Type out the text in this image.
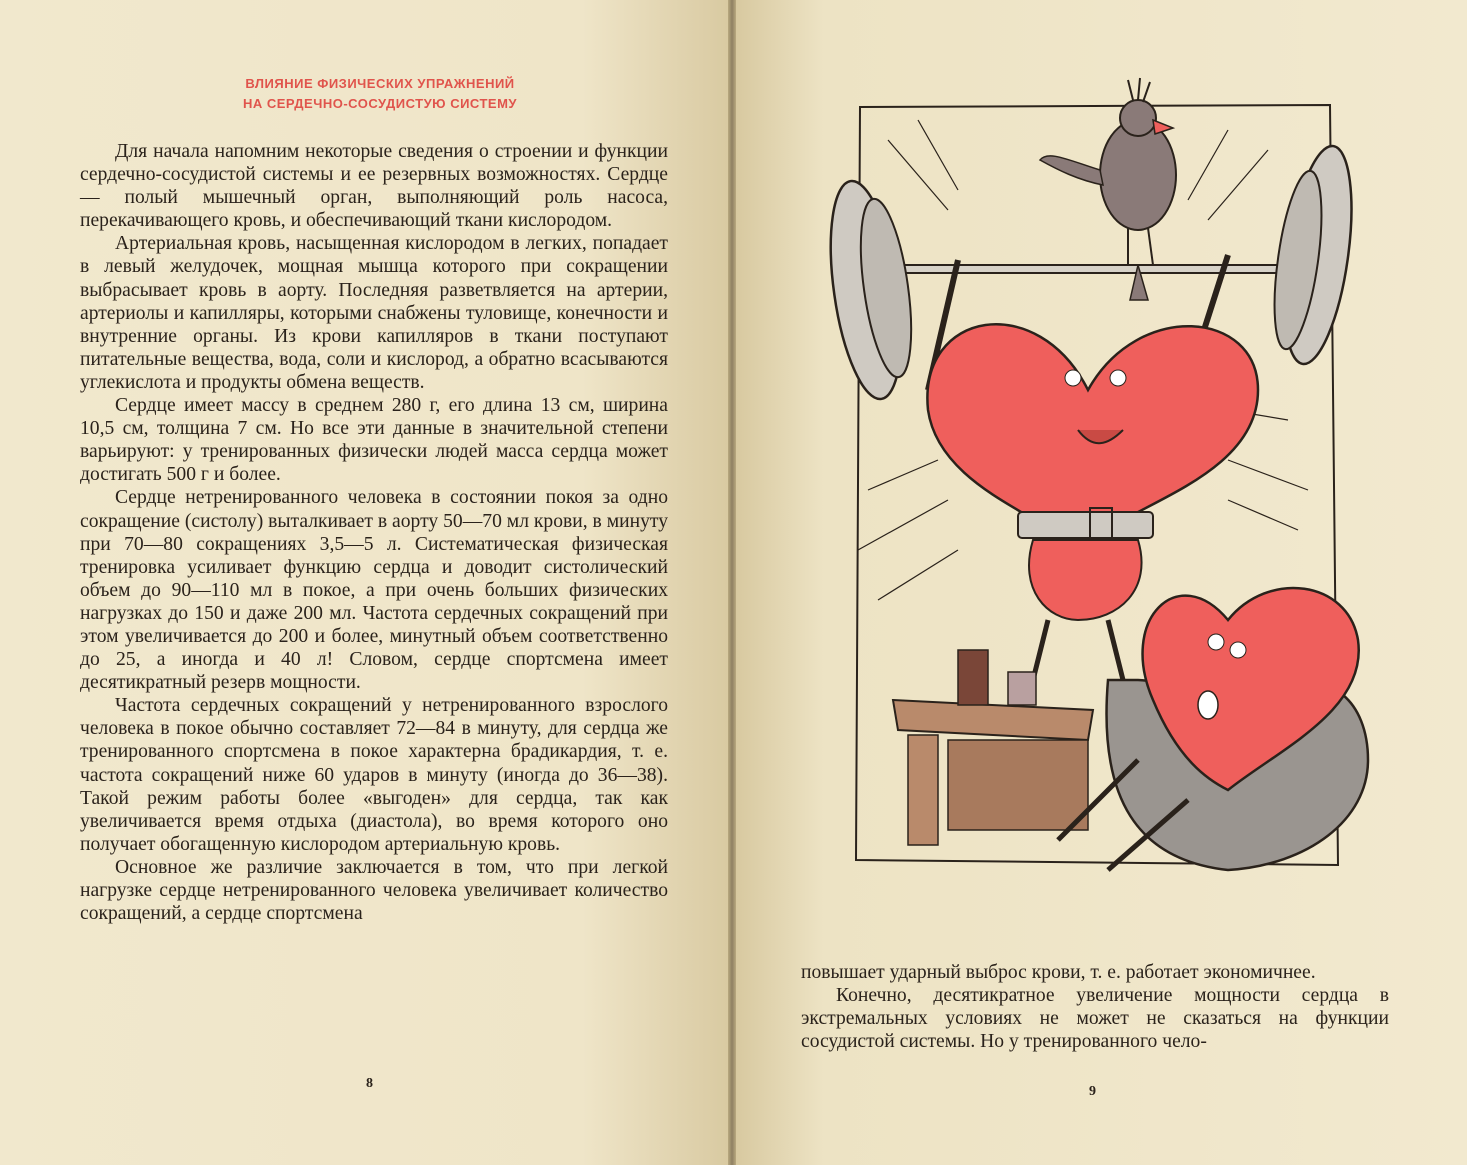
ВЛИЯНИЕ ФИЗИЧЕСКИХ УПРАЖНЕНИЙ
НА СЕРДЕЧНО-СОСУДИСТУЮ СИСТЕМУ

Для начала напомним некоторые сведения о строении и функции сердечно-сосудистой системы и ее резервных возможностях. Сердце — полый мышечный орган, выполняющий роль насоса, перекачивающего кровь, и обеспечивающий ткани кислородом.

Артериальная кровь, насыщенная кислородом в легких, попадает в левый желудочек, мощная мышца которого при сокращении выбрасывает кровь в аорту. Последняя разветвляется на артерии, артериолы и капилляры, которыми снабжены туловище, конечности и внутренние органы. Из крови капилляров в ткани поступают питательные вещества, вода, соли и кислород, а обратно всасываются углекислота и продукты обмена веществ.

Сердце имеет массу в среднем 280 г, его длина 13 см, ширина 10,5 см, толщина 7 см. Но все эти данные в значительной степени варьируют: у тренированных физически людей масса сердца может достигать 500 г и более.

Сердце нетренированного человека в состоянии покоя за одно сокращение (систолу) выталкивает в аорту 50—70 мл крови, в минуту при 70—80 сокращениях 3,5—5 л. Систематическая физическая тренировка усиливает функцию сердца и доводит систолический объем до 90—110 мл в покое, а при очень больших физических нагрузках до 150 и даже 200 мл. Частота сердечных сокращений при этом увеличивается до 200 и более, минутный объем соответственно до 25, а иногда и 40 л! Словом, сердце спортсмена имеет десятикратный резерв мощности.

Частота сердечных сокращений у нетренированного взрослого человека в покое обычно составляет 72—84 в минуту, для сердца же тренированного спортсмена в покое характерна брадикардия, т. е. частота сокращений ниже 60 ударов в минуту (иногда до 36—38). Такой режим работы более «выгоден» для сердца, так как увеличивается время отдыха (диастола), во время которого оно получает обогащенную кислородом артериальную кровь.

Основное же различие заключается в том, что при легкой нагрузке сердце нетренированного человека увеличивает количество сокращений, а сердце спортсмена

8
9

повышает ударный выброс крови, т. е. работает экономичнее.

Конечно, десятикратное увеличение мощности сердца в экстремальных условиях не может не сказаться на функции сосудистой системы. Но у тренированного чело-
